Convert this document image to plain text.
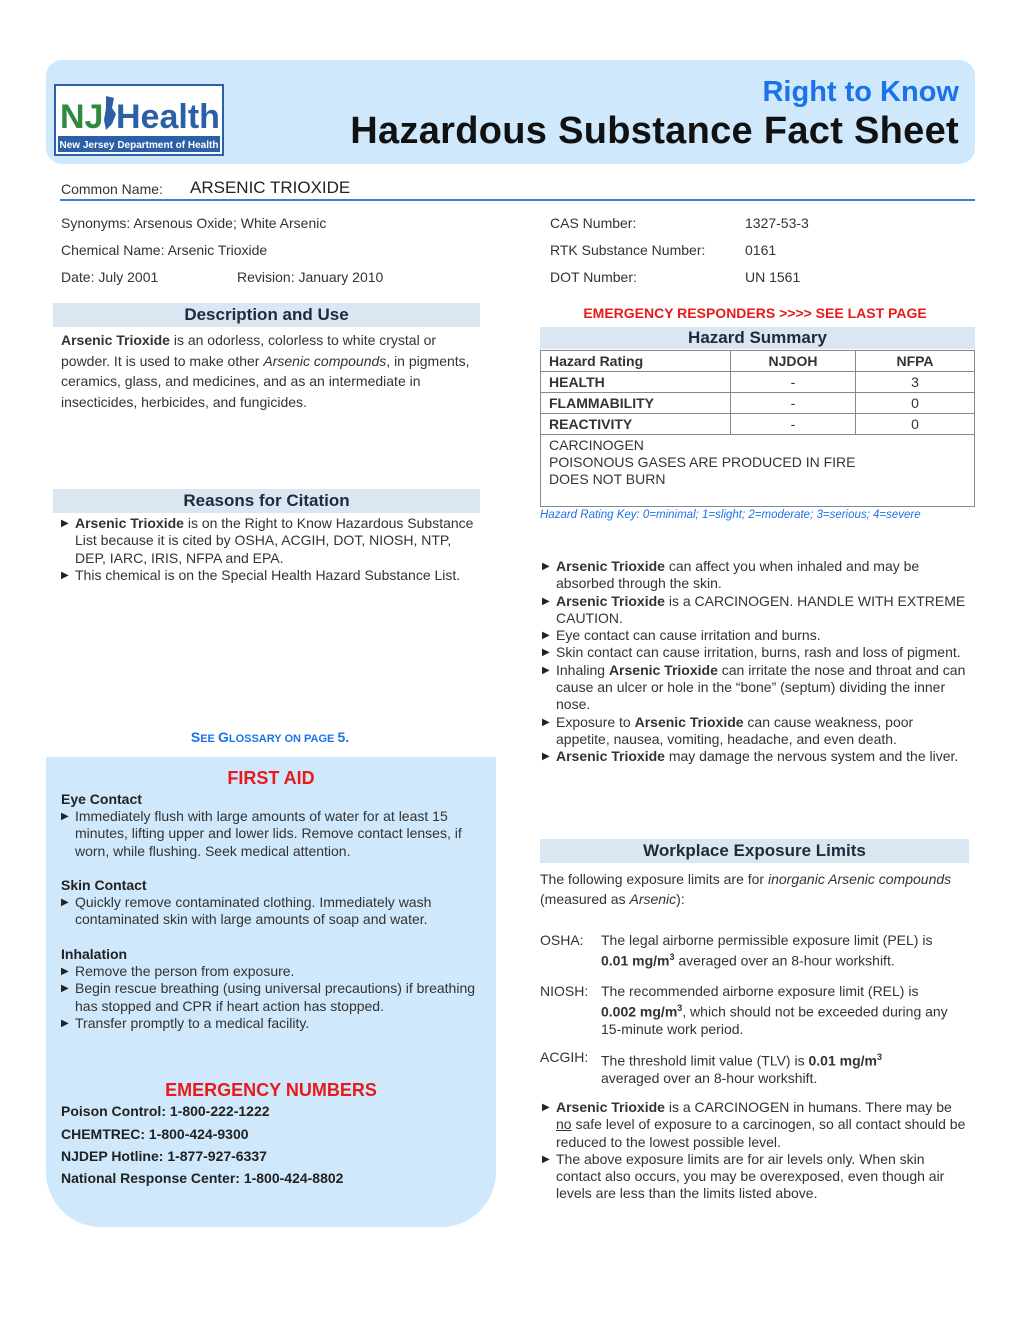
NJ Health
New Jersey Department of Health
Right to Know
Hazardous Substance Fact Sheet
Common Name: ARSENIC TRIOXIDE
Synonyms: Arsenous Oxide; White Arsenic
Chemical Name: Arsenic Trioxide
Date: July 2001	Revision: January 2010
CAS Number:	1327-53-3
RTK Substance Number:	0161
DOT Number:	UN 1561
Description and Use
Arsenic Trioxide is an odorless, colorless to white crystal or powder. It is used to make other Arsenic compounds, in pigments, ceramics, glass, and medicines, and as an intermediate in insecticides, herbicides, and fungicides.
Reasons for Citation
▶ Arsenic Trioxide is on the Right to Know Hazardous Substance List because it is cited by OSHA, ACGIH, DOT, NIOSH, NTP, DEP, IARC, IRIS, NFPA and EPA.
▶ This chemical is on the Special Health Hazard Substance List.
SEE GLOSSARY ON PAGE 5.
FIRST AID
Eye Contact
▶ Immediately flush with large amounts of water for at least 15 minutes, lifting upper and lower lids. Remove contact lenses, if worn, while flushing. Seek medical attention.
Skin Contact
▶ Quickly remove contaminated clothing. Immediately wash contaminated skin with large amounts of soap and water.
Inhalation
▶ Remove the person from exposure.
▶ Begin rescue breathing (using universal precautions) if breathing has stopped and CPR if heart action has stopped.
▶ Transfer promptly to a medical facility.
EMERGENCY NUMBERS
Poison Control: 1-800-222-1222
CHEMTREC: 1-800-424-9300
NJDEP Hotline: 1-877-927-6337
National Response Center: 1-800-424-8802
EMERGENCY RESPONDERS >>>> SEE LAST PAGE
Hazard Summary
Hazard Rating	NJDOH	NFPA
HEALTH	-	3
FLAMMABILITY	-	0
REACTIVITY	-	0

CARCINOGEN
POISONOUS GASES ARE PRODUCED IN FIRE
DOES NOT BURN		
Hazard Rating Key: 0=minimal; 1=slight; 2=moderate; 3=serious; 4=severe
▶ Arsenic Trioxide can affect you when inhaled and may be absorbed through the skin.
▶ Arsenic Trioxide is a CARCINOGEN. HANDLE WITH EXTREME CAUTION.
▶ Eye contact can cause irritation and burns.
▶ Skin contact can cause irritation, burns, rash and loss of pigment.
▶ Inhaling Arsenic Trioxide can irritate the nose and throat and can cause an ulcer or hole in the “bone” (septum) dividing the inner nose.
▶ Exposure to Arsenic Trioxide can cause weakness, poor appetite, nausea, vomiting, headache, and even death.
▶ Arsenic Trioxide may damage the nervous system and the liver.
Workplace Exposure Limits
The following exposure limits are for inorganic Arsenic compounds (measured as Arsenic):
OSHA: The legal airborne permissible exposure limit (PEL) is
0.01 $mg/m^3$ averaged over an 8-hour workshift.
NIOSH: The recommended airborne exposure limit (REL) is
0.002 $mg/m^3$, which should not be exceeded during any 15-minute work period.
ACGIH: The threshold limit value (TLV) is 0.01 $mg/m^3$
averaged over an 8-hour workshift.
▶ Arsenic Trioxide is a CARCINOGEN in humans. There may be no safe level of exposure to a carcinogen, so all contact should be reduced to the lowest possible level.
▶ The above exposure limits are for air levels only. When skin contact also occurs, you may be overexposed, even though air levels are less than the limits listed above.
